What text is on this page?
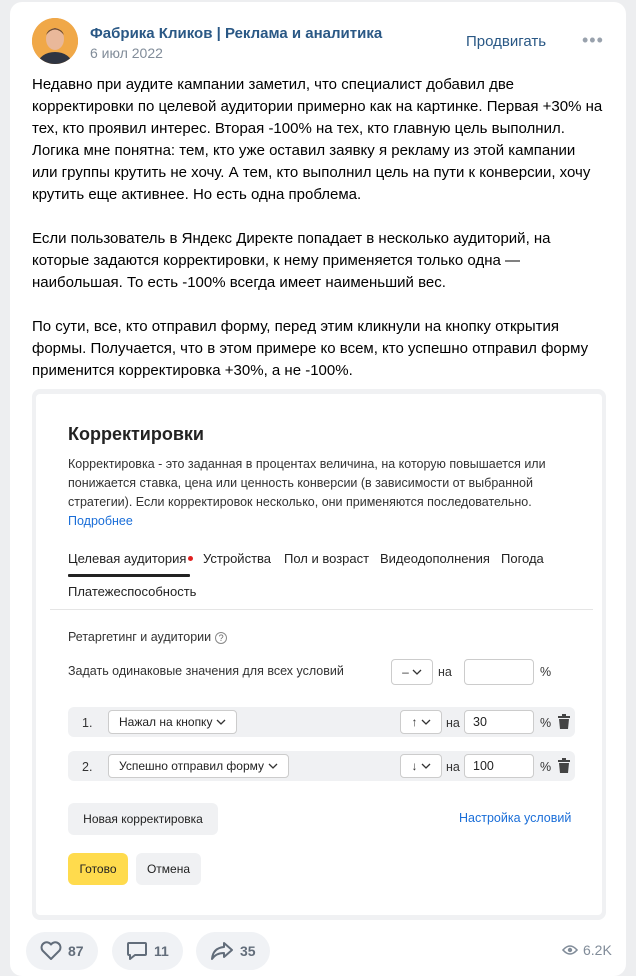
Фабрика Кликов | Реклама и аналитика
6 июл 2022
Продвигать •••

Недавно при аудите кампании заметил, что специалист добавил две корректировки по целевой аудитории примерно как на картинке. Первая +30% на тех, кто проявил интерес. Вторая -100% на тех, кто главную цель выполнил. Логика мне понятна: тем, кто уже оставил заявку я рекламу из этой кампании или группы крутить не хочу. А тем, кто выполнил цель на пути к конверсии, хочу крутить еще активнее. Но есть одна проблема.

Если пользователь в Яндекс Директе попадает в несколько аудиторий, на которые задаются корректировки, к нему применяется только одна — наибольшая. То есть -100% всегда имеет наименьший вес.

По сути, все, кто отправил форму, перед этим кликнули на кнопку открытия формы. Получается, что в этом примере ко всем, кто успешно отправил форму применится корректировка +30%, а не -100%.

Корректировки
Корректировка - это заданная в процентах величина, на которую повышается или понижается ставка, цена или ценность конверсии (в зависимости от выбранной стратегии). Если корректировок несколько, они применяются последовательно.
Подробнее
Целевая аудитория	Устройства Пол и возраст Видеодополнения Погода
Платежеспособность
Ретаргетинг и аудитории ?
Задать одинаковые значения для всех условий	– на	%
1. Нажал на кнопку	↑ на	30	%
2. Успешно отправил форму	↓ на	100	%
Новая корректировка	Настройка условий
Готово	Отмена
87	11	35	6.2K
